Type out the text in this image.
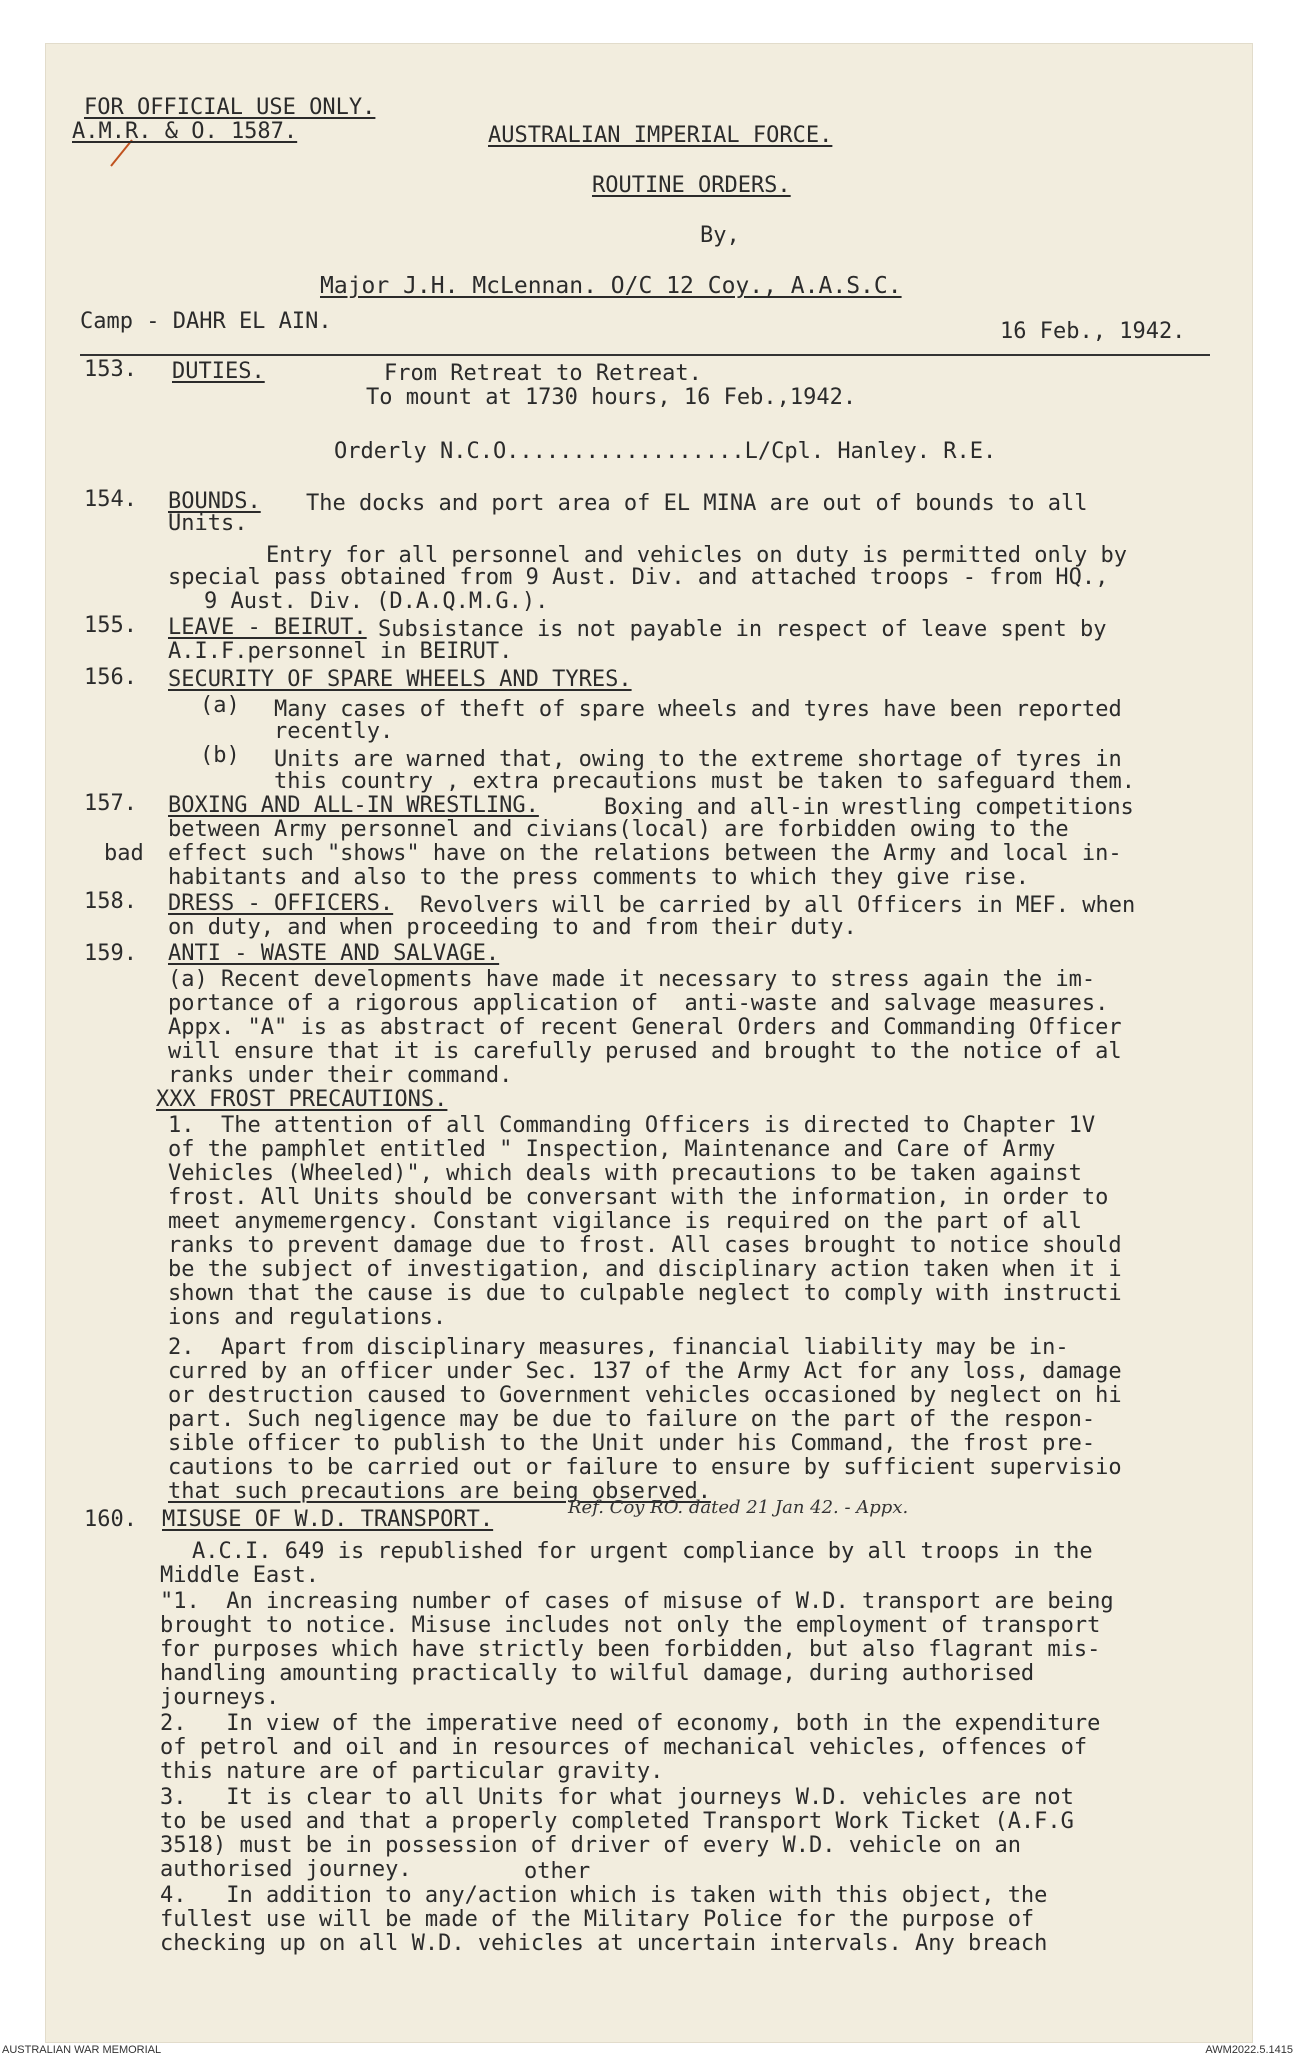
FOR OFFICIAL USE ONLY.
A.M.R. & O. 1587.	AUSTRALIAN IMPERIAL FORCE.
ROUTINE ORDERS.
By,
Major J.H. McLennan. O/C 12 Coy., A.A.S.C.
Camp - DAHR EL AIN.	16 Feb., 1942.
153. DUTIES.	From Retreat to Retreat.
To mount at 1730 hours, 16 Feb.,1942.
Orderly N.C.O..................L/Cpl. Hanley. R.E.
154. BOUNDS. The docks and port area of EL MINA are out of bounds to all
Units.
Entry for all personnel and vehicles on duty is permitted only by
special pass obtained from 9 Aust. Div. and attached troops - from HQ.,
9 Aust. Div. (D.A.Q.M.G.).
155. LEAVE - BEIRUT. Subsistance is not payable in respect of leave spent by
A.I.F.personnel in BEIRUT.
156. SECURITY OF SPARE WHEELS AND TYRES.
(a) Many cases of theft of spare wheels and tyres have been reported
recently.
(b) Units are warned that, owing to the extreme shortage of tyres in
this country , extra precautions must be taken to safeguard them.
157. BOXING AND ALL-IN WRESTLING.	Boxing and all-in wrestling competitions
between Army personnel and civians(local) are forbidden owing to the
bad effect such "shows" have on the relations between the Army and local in-
habitants and also to the press comments to which they give rise.
158. DRESS - OFFICERS. Revolvers will be carried by all Officers in MEF. when
on duty, and when proceeding to and from their duty.
159. ANTI - WASTE AND SALVAGE.
(a) Recent developments have made it necessary to stress again the im-
portance of a rigorous application of  anti-waste and salvage measures.
Appx. "A" is as abstract of recent General Orders and Commanding Officer
will ensure that it is carefully perused and brought to the notice of al
ranks under their command.
XXX FROST PRECAUTIONS.
1.  The attention of all Commanding Officers is directed to Chapter 1V
of the pamphlet entitled " Inspection, Maintenance and Care of Army
Vehicles (Wheeled)", which deals with precautions to be taken against
frost. All Units should be conversant with the information, in order to
meet anymemergency. Constant vigilance is required on the part of all
ranks to prevent damage due to frost. All cases brought to notice should
be the subject of investigation, and disciplinary action taken when it i
shown that the cause is due to culpable neglect to comply with instructi
ions and regulations.
2.  Apart from disciplinary measures, financial liability may be in-
curred by an officer under Sec. 137 of the Army Act for any loss, damage
or destruction caused to Government vehicles occasioned by neglect on hi
part. Such negligence may be due to failure on the part of the respon-
sible officer to publish to the Unit under his Command, the frost pre-
cautions to be carried out or failure to ensure by sufficient supervisio
that such precautions are being observed.
160. MISUSE OF W.D. TRANSPORT.	Ref. Coy RO. dated 21 Jan 42. - Appx.
A.C.I. 649 is republished for urgent compliance by all troops in the
Middle East.
"1.  An increasing number of cases of misuse of W.D. transport are being
brought to notice. Misuse includes not only the employment of transport
for purposes which have strictly been forbidden, but also flagrant mis-
handling amounting practically to wilful damage, during authorised
journeys.
2.   In view of the imperative need of economy, both in the expenditure
of petrol and oil and in resources of mechanical vehicles, offences of
this nature are of particular gravity.
3.   It is clear to all Units for what journeys W.D. vehicles are not
to be used and that a properly completed Transport Work Ticket (A.F.G
3518) must be in possession of driver of every W.D. vehicle on an
authorised journey.	other
4.   In addition to any/action which is taken with this object, the
fullest use will be made of the Military Police for the purpose of
checking up on all W.D. vehicles at uncertain intervals. Any breach
AUSTRALIAN WAR MEMORIAL	AWM2022.5.1415
